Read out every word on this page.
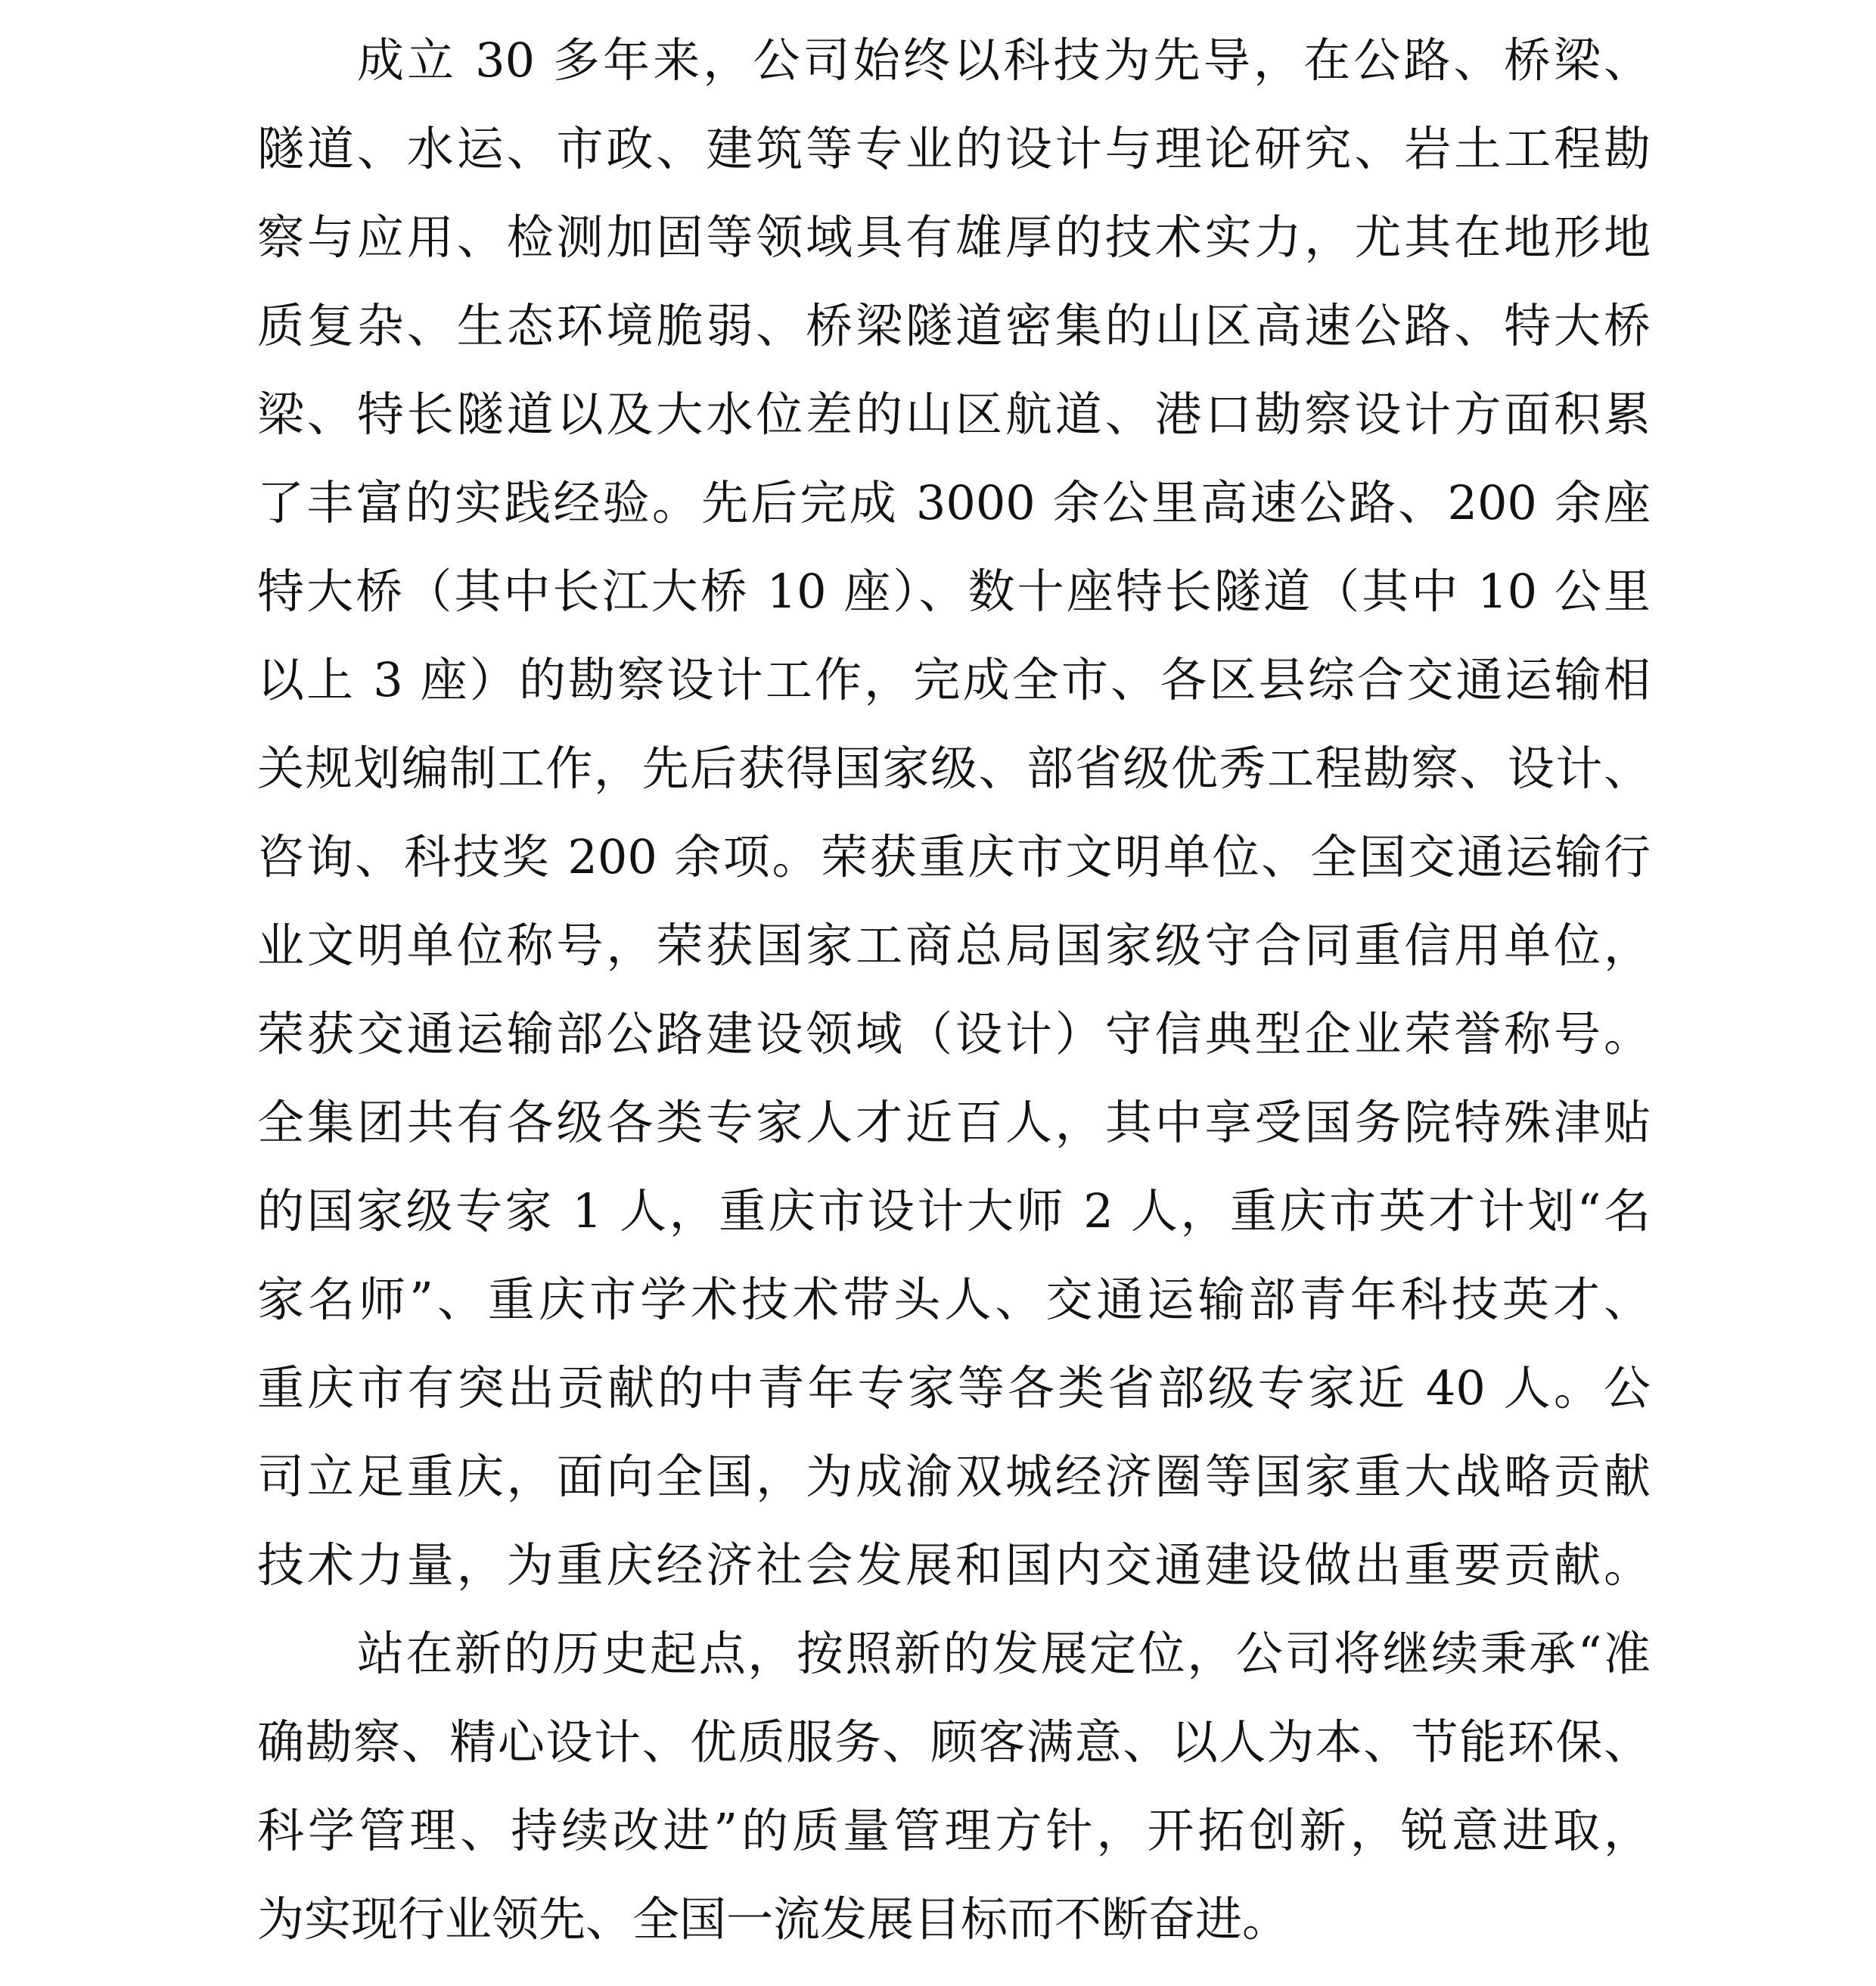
成立 30 多年来，公司始终以科技为先导，在公路、桥梁、
隧道、水运、市政、建筑等专业的设计与理论研究、岩土工程勘
察与应用、检测加固等领域具有雄厚的技术实力，尤其在地形地
质复杂、生态环境脆弱、桥梁隧道密集的山区高速公路、特大桥
梁、特长隧道以及大水位差的山区航道、港口勘察设计方面积累
了丰富的实践经验。先后完成 3000 余公里高速公路、200 余座
特大桥（其中长江大桥 10 座）、数十座特长隧道（其中 10 公里
以上 3 座）的勘察设计工作，完成全市、各区县综合交通运输相
关规划编制工作，先后获得国家级、部省级优秀工程勘察、设计、
咨询、科技奖 200 余项。荣获重庆市文明单位、全国交通运输行
业文明单位称号，荣获国家工商总局国家级守合同重信用单位，
荣获交通运输部公路建设领域（设计）守信典型企业荣誉称号。
全集团共有各级各类专家人才近百人，其中享受国务院特殊津贴
的国家级专家 1 人，重庆市设计大师 2 人，重庆市英才计划“名
家名师”、重庆市学术技术带头人、交通运输部青年科技英才、
重庆市有突出贡献的中青年专家等各类省部级专家近 40 人。公
司立足重庆，面向全国，为成渝双城经济圈等国家重大战略贡献
技术力量，为重庆经济社会发展和国内交通建设做出重要贡献。
站在新的历史起点，按照新的发展定位，公司将继续秉承“准
确勘察、精心设计、优质服务、顾客满意、以人为本、节能环保、
科学管理、持续改进”的质量管理方针，开拓创新，锐意进取，
为实现行业领先、全国一流发展目标而不断奋进。
